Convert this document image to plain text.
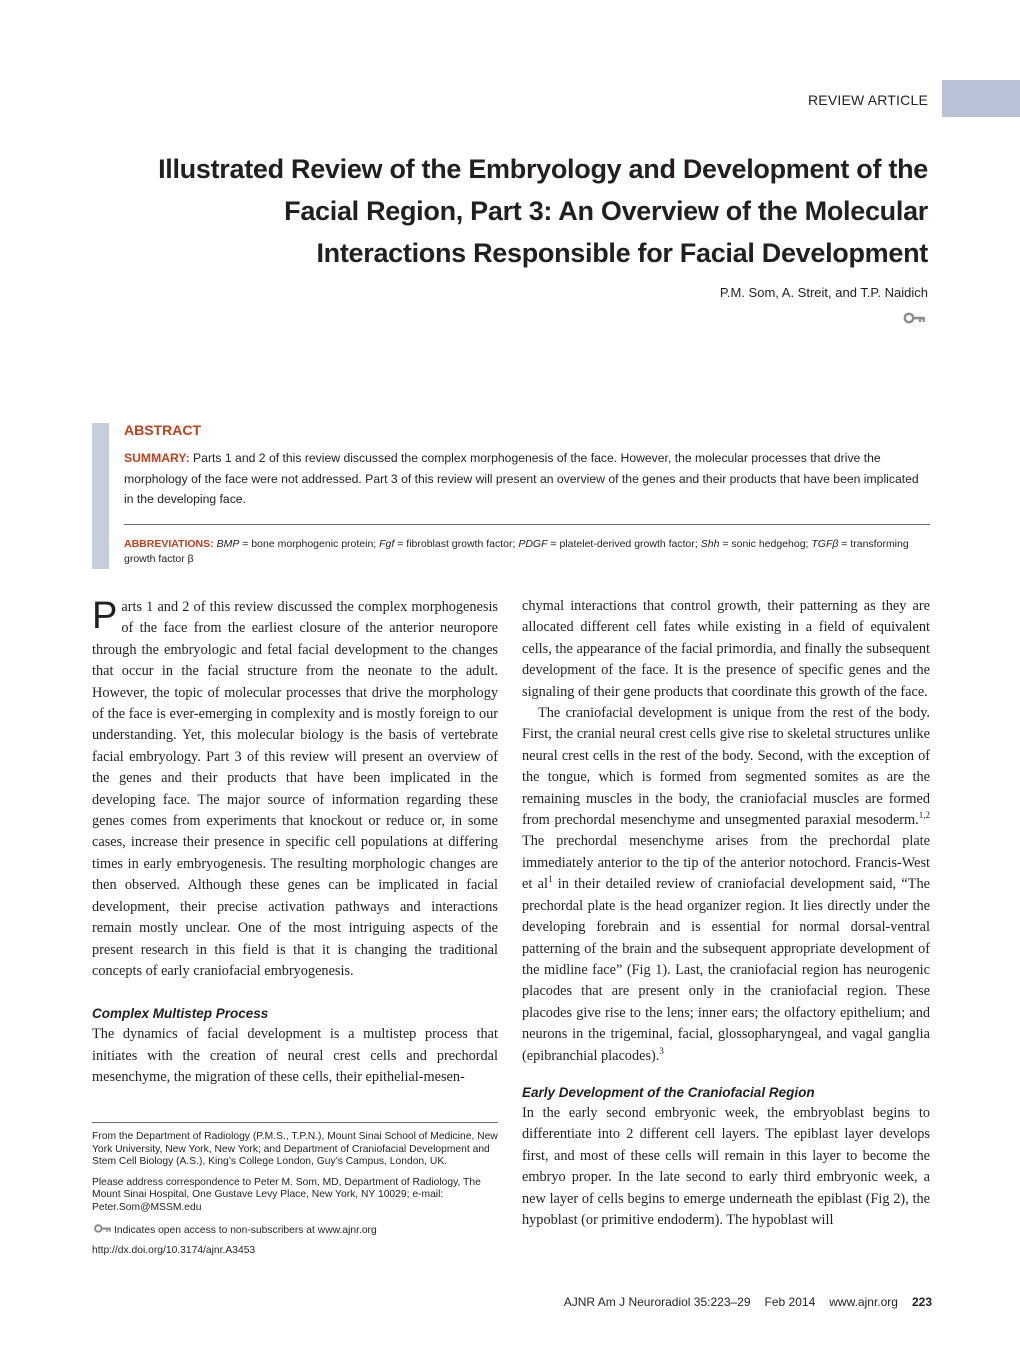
REVIEW ARTICLE
Illustrated Review of the Embryology and Development of the
Facial Region, Part 3: An Overview of the Molecular
Interactions Responsible for Facial Development
P.M. Som, A. Streit, and T.P. Naidich

ABSTRACT

SUMMARY: Parts 1 and 2 of this review discussed the complex morphogenesis of the face. However, the molecular processes that drive the morphology of the face were not addressed. Part 3 of this review will present an overview of the genes and their products that have been implicated in the developing face.

ABBREVIATIONS: BMP = bone morphogenic protein; Fgf = fibroblast growth factor; PDGF = platelet-derived growth factor; Shh = sonic hedgehog; TGFβ = transforming growth factor β

Parts 1 and 2 of this review discussed the complex morphogenesis of the face from the earliest closure of the anterior neuropore through the embryologic and fetal facial development to the changes that occur in the facial structure from the neonate to the adult. However, the topic of molecular processes that drive the morphology of the face is ever-emerging in complexity and is mostly foreign to our understanding. Yet, this molecular biology is the basis of vertebrate facial embryology. Part 3 of this review will present an overview of the genes and their products that have been implicated in the developing face. The major source of information regarding these genes comes from experiments that knockout or reduce or, in some cases, increase their presence in specific cell populations at differing times in early embryogenesis. The resulting morphologic changes are then observed. Although these genes can be implicated in facial development, their precise activation pathways and interactions remain mostly unclear. One of the most intriguing aspects of the present research in this field is that it is changing the traditional concepts of early craniofacial embryogenesis.

Complex Multistep Process

The dynamics of facial development is a multistep process that initiates with the creation of neural crest cells and prechordal mesenchyme, the migration of these cells, their epithelial-mesen-

chymal interactions that control growth, their patterning as they are allocated different cell fates while existing in a field of equivalent cells, the appearance of the facial primordia, and finally the subsequent development of the face. It is the presence of specific genes and the signaling of their gene products that coordinate this growth of the face.

The craniofacial development is unique from the rest of the body. First, the cranial neural crest cells give rise to skeletal structures unlike neural crest cells in the rest of the body. Second, with the exception of the tongue, which is formed from segmented somites as are the remaining muscles in the body, the craniofacial muscles are formed from prechordal mesenchyme and unsegmented paraxial mesoderm.$^{1,2}$ The prechordal mesenchyme arises from the prechordal plate immediately anterior to the tip of the anterior notochord. Francis-West et $al^1$ in their detailed review of craniofacial development said, “The prechordal plate is the head organizer region. It lies directly under the developing forebrain and is essential for normal dorsal-ventral patterning of the brain and the subsequent appropriate development of the midline face” (Fig 1). Last, the craniofacial region has neurogenic placodes that are present only in the craniofacial region. These placodes give rise to the lens; inner ears; the olfactory epithelium; and neurons in the trigeminal, facial, glossopharyngeal, and vagal ganglia (epibranchial placodes).$^3$

Early Development of the Craniofacial Region

In the early second embryonic week, the embryoblast begins to differentiate into 2 different cell layers. The epiblast layer develops first, and most of these cells will remain in this layer to become the embryo proper. In the late second to early third embryonic week, a new layer of cells begins to emerge underneath the epiblast (Fig 2), the hypoblast (or primitive endoderm). The hypoblast will

From the Department of Radiology (P.M.S., T.P.N.), Mount Sinai School of Medicine, New York University, New York, New York; and Department of Craniofacial Development and Stem Cell Biology (A.S.), King’s College London, Guy’s Campus, London, UK.

Please address correspondence to Peter M. Som, MD, Department of Radiology, The Mount Sinai Hospital, One Gustave Levy Place, New York, NY 10029; e-mail: Peter.Som@MSSM.edu

Indicates open access to non-subscribers at www.ajnr.org

http://dx.doi.org/10.3174/ajnr.A3453

AJNR Am J Neuroradiol 35:223–29 Feb 2014 www.ajnr.org 223
